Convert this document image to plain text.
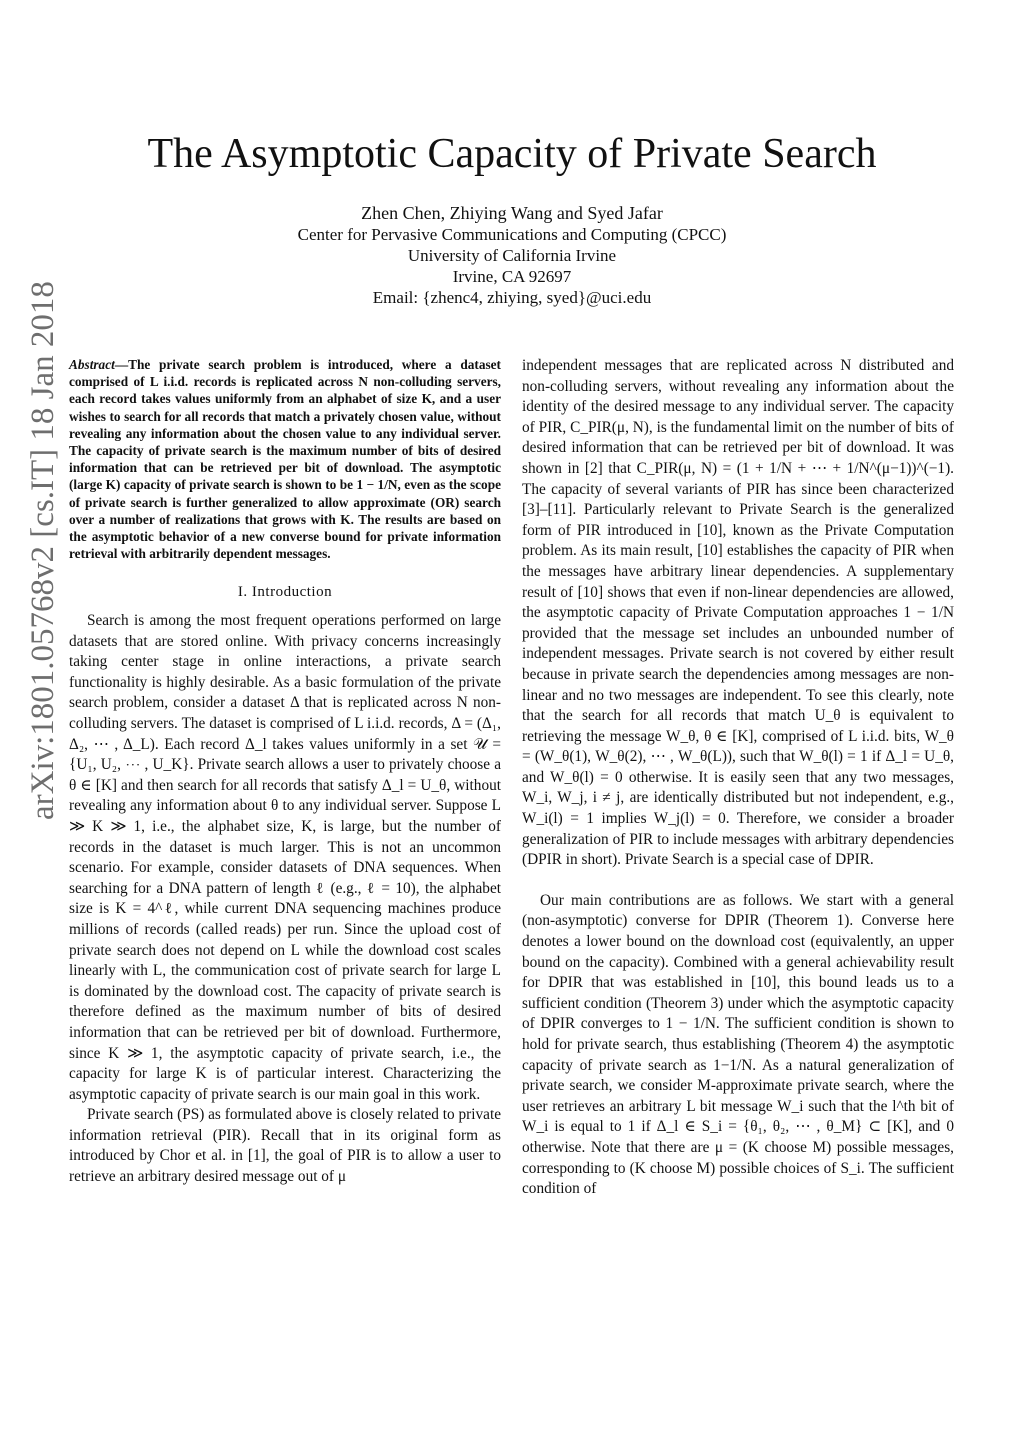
arXiv:1801.05768v2 [cs.IT] 18 Jan 2018
The Asymptotic Capacity of Private Search
Zhen Chen, Zhiying Wang and Syed Jafar
Center for Pervasive Communications and Computing (CPCC)
University of California Irvine
Irvine, CA 92697
Email: {zhenc4, zhiying, syed}@uci.edu

Abstract—The private search problem is introduced, where a dataset comprised of L i.i.d. records is replicated across N non-colluding servers, each record takes values uniformly from an alphabet of size K, and a user wishes to search for all records that match a privately chosen value, without revealing any information about the chosen value to any individual server. The capacity of private search is the maximum number of bits of desired information that can be retrieved per bit of download. The asymptotic (large K) capacity of private search is shown to be 1 − 1/N, even as the scope of private search is further generalized to allow approximate (OR) search over a number of realizations that grows with K. The results are based on the asymptotic behavior of a new converse bound for private information retrieval with arbitrarily dependent messages.

I. Introduction

Search is among the most frequent operations performed on large datasets that are stored online. With privacy concerns increasingly taking center stage in online interactions, a private search functionality is highly desirable. As a basic formulation of the private search problem, consider a dataset Δ that is replicated across N non-colluding servers. The dataset is comprised of L i.i.d. records, Δ = (Δ₁, Δ₂, ⋯ , Δ_L). Each record Δ_l takes values uniformly in a set 𝒰 = {U₁, U₂, ⋯ , U_K}. Private search allows a user to privately choose a θ ∈ [K] and then search for all records that satisfy Δ_l = U_θ, without revealing any information about θ to any individual server. Suppose L ≫ K ≫ 1, i.e., the alphabet size, K, is large, but the number of records in the dataset is much larger. This is not an uncommon scenario. For example, consider datasets of DNA sequences. When searching for a DNA pattern of length ℓ (e.g., ℓ = 10), the alphabet size is K = 4^ℓ, while current DNA sequencing machines produce millions of records (called reads) per run. Since the upload cost of private search does not depend on L while the download cost scales linearly with L, the communication cost of private search for large L is dominated by the download cost. The capacity of private search is therefore defined as the maximum number of bits of desired information that can be retrieved per bit of download. Furthermore, since K ≫ 1, the asymptotic capacity of private search, i.e., the capacity for large K is of particular interest. Characterizing the asymptotic capacity of private search is our main goal in this work.

Private search (PS) as formulated above is closely related to private information retrieval (PIR). Recall that in its original form as introduced by Chor et al. in [1], the goal of PIR is to allow a user to retrieve an arbitrary desired message out of μ

independent messages that are replicated across N distributed and non-colluding servers, without revealing any information about the identity of the desired message to any individual server. The capacity of PIR, C_PIR(μ, N), is the fundamental limit on the number of bits of desired information that can be retrieved per bit of download. It was shown in [2] that C_PIR(μ, N) = (1 + 1/N + ⋯ + 1/N^(μ−1))^(−1). The capacity of several variants of PIR has since been characterized [3]–[11]. Particularly relevant to Private Search is the generalized form of PIR introduced in [10], known as the Private Computation problem. As its main result, [10] establishes the capacity of PIR when the messages have arbitrary linear dependencies. A supplementary result of [10] shows that even if non-linear dependencies are allowed, the asymptotic capacity of Private Computation approaches 1 − 1/N provided that the message set includes an unbounded number of independent messages. Private search is not covered by either result because in private search the dependencies among messages are non-linear and no two messages are independent. To see this clearly, note that the search for all records that match U_θ is equivalent to retrieving the message W_θ, θ ∈ [K], comprised of L i.i.d. bits, W_θ = (W_θ(1), W_θ(2), ⋯ , W_θ(L)), such that W_θ(l) = 1 if Δ_l = U_θ, and W_θ(l) = 0 otherwise. It is easily seen that any two messages, W_i, W_j, i ≠ j, are identically distributed but not independent, e.g., W_i(l) = 1 implies W_j(l) = 0. Therefore, we consider a broader generalization of PIR to include messages with arbitrary dependencies (DPIR in short). Private Search is a special case of DPIR.

Our main contributions are as follows. We start with a general (non-asymptotic) converse for DPIR (Theorem 1). Converse here denotes a lower bound on the download cost (equivalently, an upper bound on the capacity). Combined with a general achievability result for DPIR that was established in [10], this bound leads us to a sufficient condition (Theorem 3) under which the asymptotic capacity of DPIR converges to 1 − 1/N. The sufficient condition is shown to hold for private search, thus establishing (Theorem 4) the asymptotic capacity of private search as 1−1/N. As a natural generalization of private search, we consider M-approximate private search, where the user retrieves an arbitrary L bit message W_i such that the l^th bit of W_i is equal to 1 if Δ_l ∈ S_i = {θ₁, θ₂, ⋯ , θ_M} ⊂ [K], and 0 otherwise. Note that there are μ = (K choose M) possible messages, corresponding to (K choose M) possible choices of S_i. The sufficient condition of
